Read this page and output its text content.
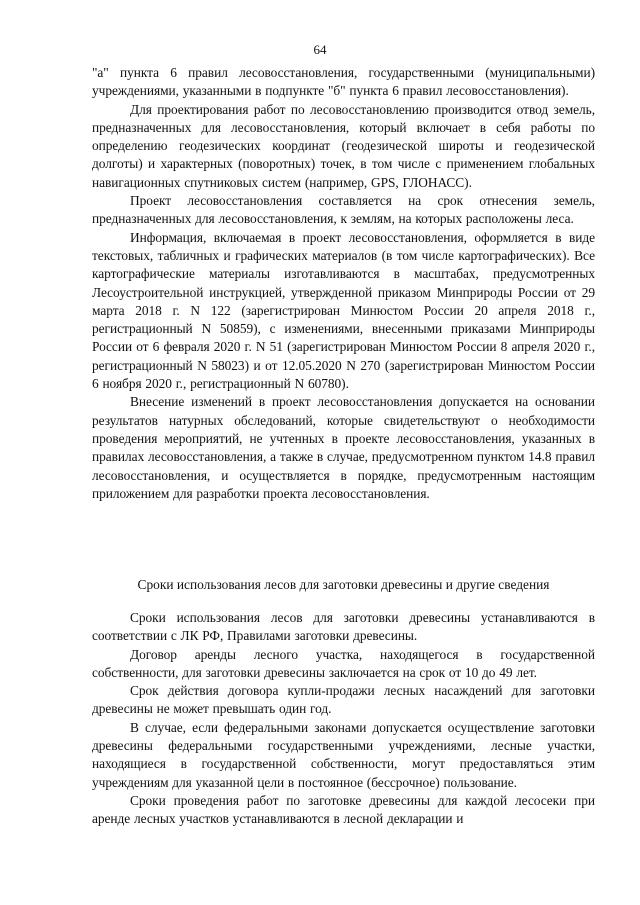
64

"а" пункта 6 правил лесовосстановления, государственными (муниципальными) учреждениями, указанными в подпункте "б" пункта 6 правил лесовосстановления).

Для проектирования работ по лесовосстановлению производится отвод земель, предназначенных для лесовосстановления, который включает в себя работы по определению геодезических координат (геодезической широты и геодезической долготы) и характерных (поворотных) точек, в том числе с применением глобальных навигационных спутниковых систем (например, GPS, ГЛОНАСС).

Проект лесовосстановления составляется на срок отнесения земель, предназначенных для лесовосстановления, к землям, на которых расположены леса.

Информация, включаемая в проект лесовосстановления, оформляется в виде текстовых, табличных и графических материалов (в том числе картографических). Все картографические материалы изготавливаются в масштабах, предусмотренных Лесоустроительной инструкцией, утвержденной приказом Минприроды России от 29 марта 2018 г. N 122 (зарегистрирован Минюстом России 20 апреля 2018 г., регистрационный N 50859), с изменениями, внесенными приказами Минприроды России от 6 февраля 2020 г. N 51 (зарегистрирован Минюстом России 8 апреля 2020 г., регистрационный N 58023) и от 12.05.2020 N 270 (зарегистрирован Минюстом России 6 ноября 2020 г., регистрационный N 60780).

Внесение изменений в проект лесовосстановления допускается на основании результатов натурных обследований, которые свидетельствуют о необходимости проведения мероприятий, не учтенных в проекте лесовосстановления, указанных в правилах лесовосстановления, а также в случае, предусмотренном пунктом 14.8 правил лесовосстановления, и осуществляется в порядке, предусмотренным настоящим приложением для разработки проекта лесовосстановления.

Сроки использования лесов для заготовки древесины и другие сведения

Сроки использования лесов для заготовки древесины устанавливаются в соответствии с ЛК РФ, Правилами заготовки древесины.

Договор аренды лесного участка, находящегося в государственной собственности, для заготовки древесины заключается на срок от 10 до 49 лет.

Срок действия договора купли-продажи лесных насаждений для заготовки древесины не может превышать один год.

В случае, если федеральными законами допускается осуществление заготовки древесины федеральными государственными учреждениями, лесные участки, находящиеся в государственной собственности, могут предоставляться этим учреждениям для указанной цели в постоянное (бессрочное) пользование.

Сроки проведения работ по заготовке древесины для каждой лесосеки при аренде лесных участков устанавливаются в лесной декларации и
